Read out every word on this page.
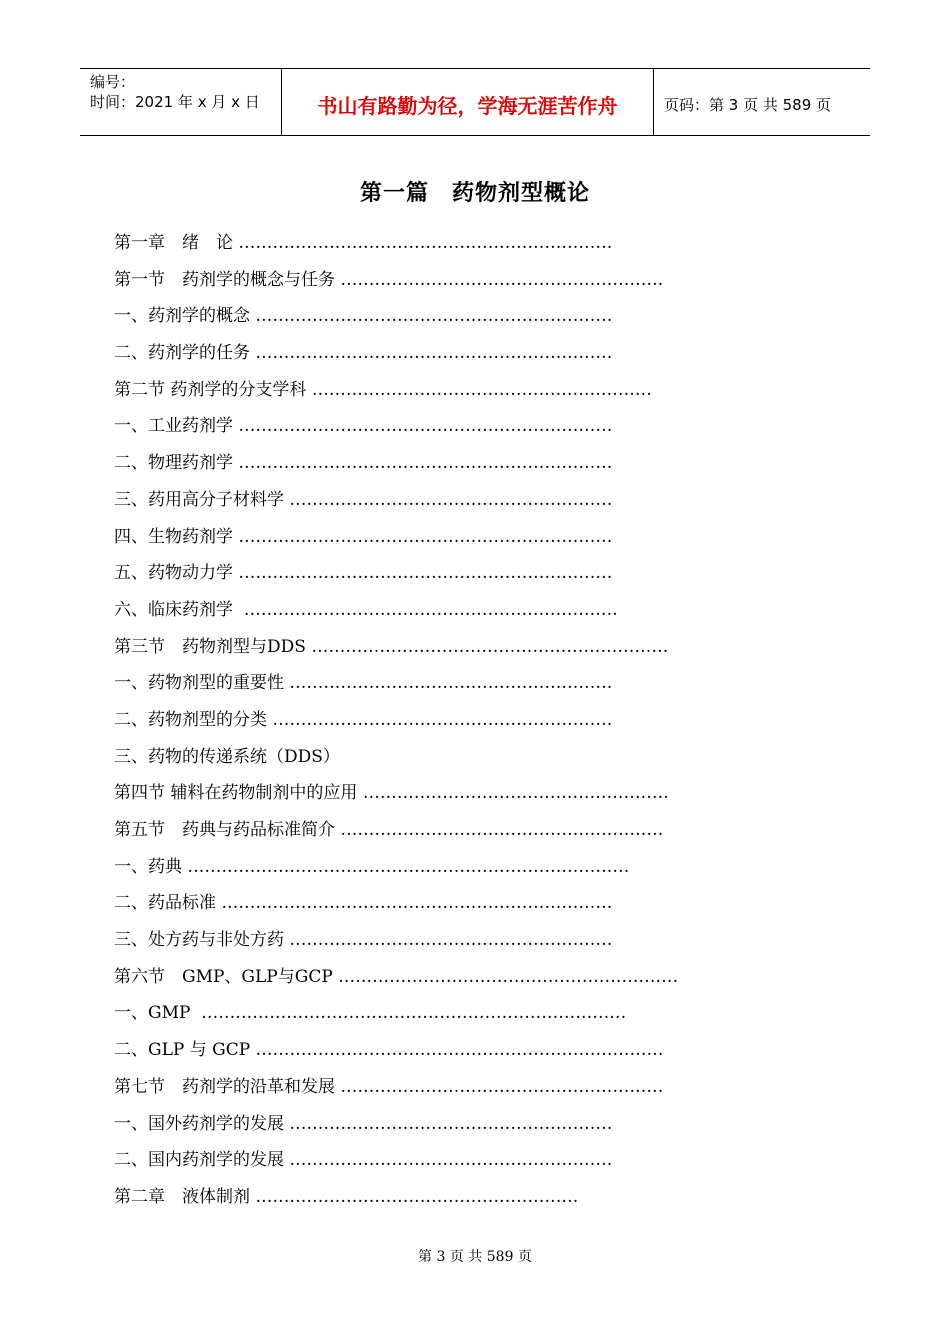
编号：
时间：2021 年 x 月 x 日	书山有路勤为径，学海无涯苦作舟	页码：第 3 页 共 589 页
第一篇　药物剂型概论
第一章　绪　论 …………………………………………………………
第一节　药剂学的概念与任务 …………………………………………………
一、药剂学的概念 ………………………………………………………
二、药剂学的任务 ………………………………………………………
第二节 药剂学的分支学科 ……………………………………………………
一、工业药剂学 …………………………………………………………
二、物理药剂学 …………………………………………………………
三、药用高分子材料学 …………………………………………………
四、生物药剂学 …………………………………………………………
五、药物动力学 …………………………………………………………
六、临床药剂学  …………………………………………………………
第三节　药物剂型与DDS ………………………………………………………
一、药物剂型的重要性 …………………………………………………
二、药物剂型的分类 ……………………………………………………
三、药物的传递系统（DDS）
第四节 辅料在药物制剂中的应用 ………………………………………………
第五节　药典与药品标准简介 …………………………………………………
一、药典 ……………………………………………………………………
二、药品标准 ……………………………………………………………
三、处方药与非处方药 …………………………………………………
第六节　GMP、GLP与GCP ……………………………………………………
一、GMP  …………………………………………………………………
二、GLP 与 GCP ………………………………………………………………
第七节　药剂学的沿革和发展 …………………………………………………
一、国外药剂学的发展 …………………………………………………
二、国内药剂学的发展 …………………………………………………
第二章　液体制剂 …………………………………………………
第 3 页 共 589 页
